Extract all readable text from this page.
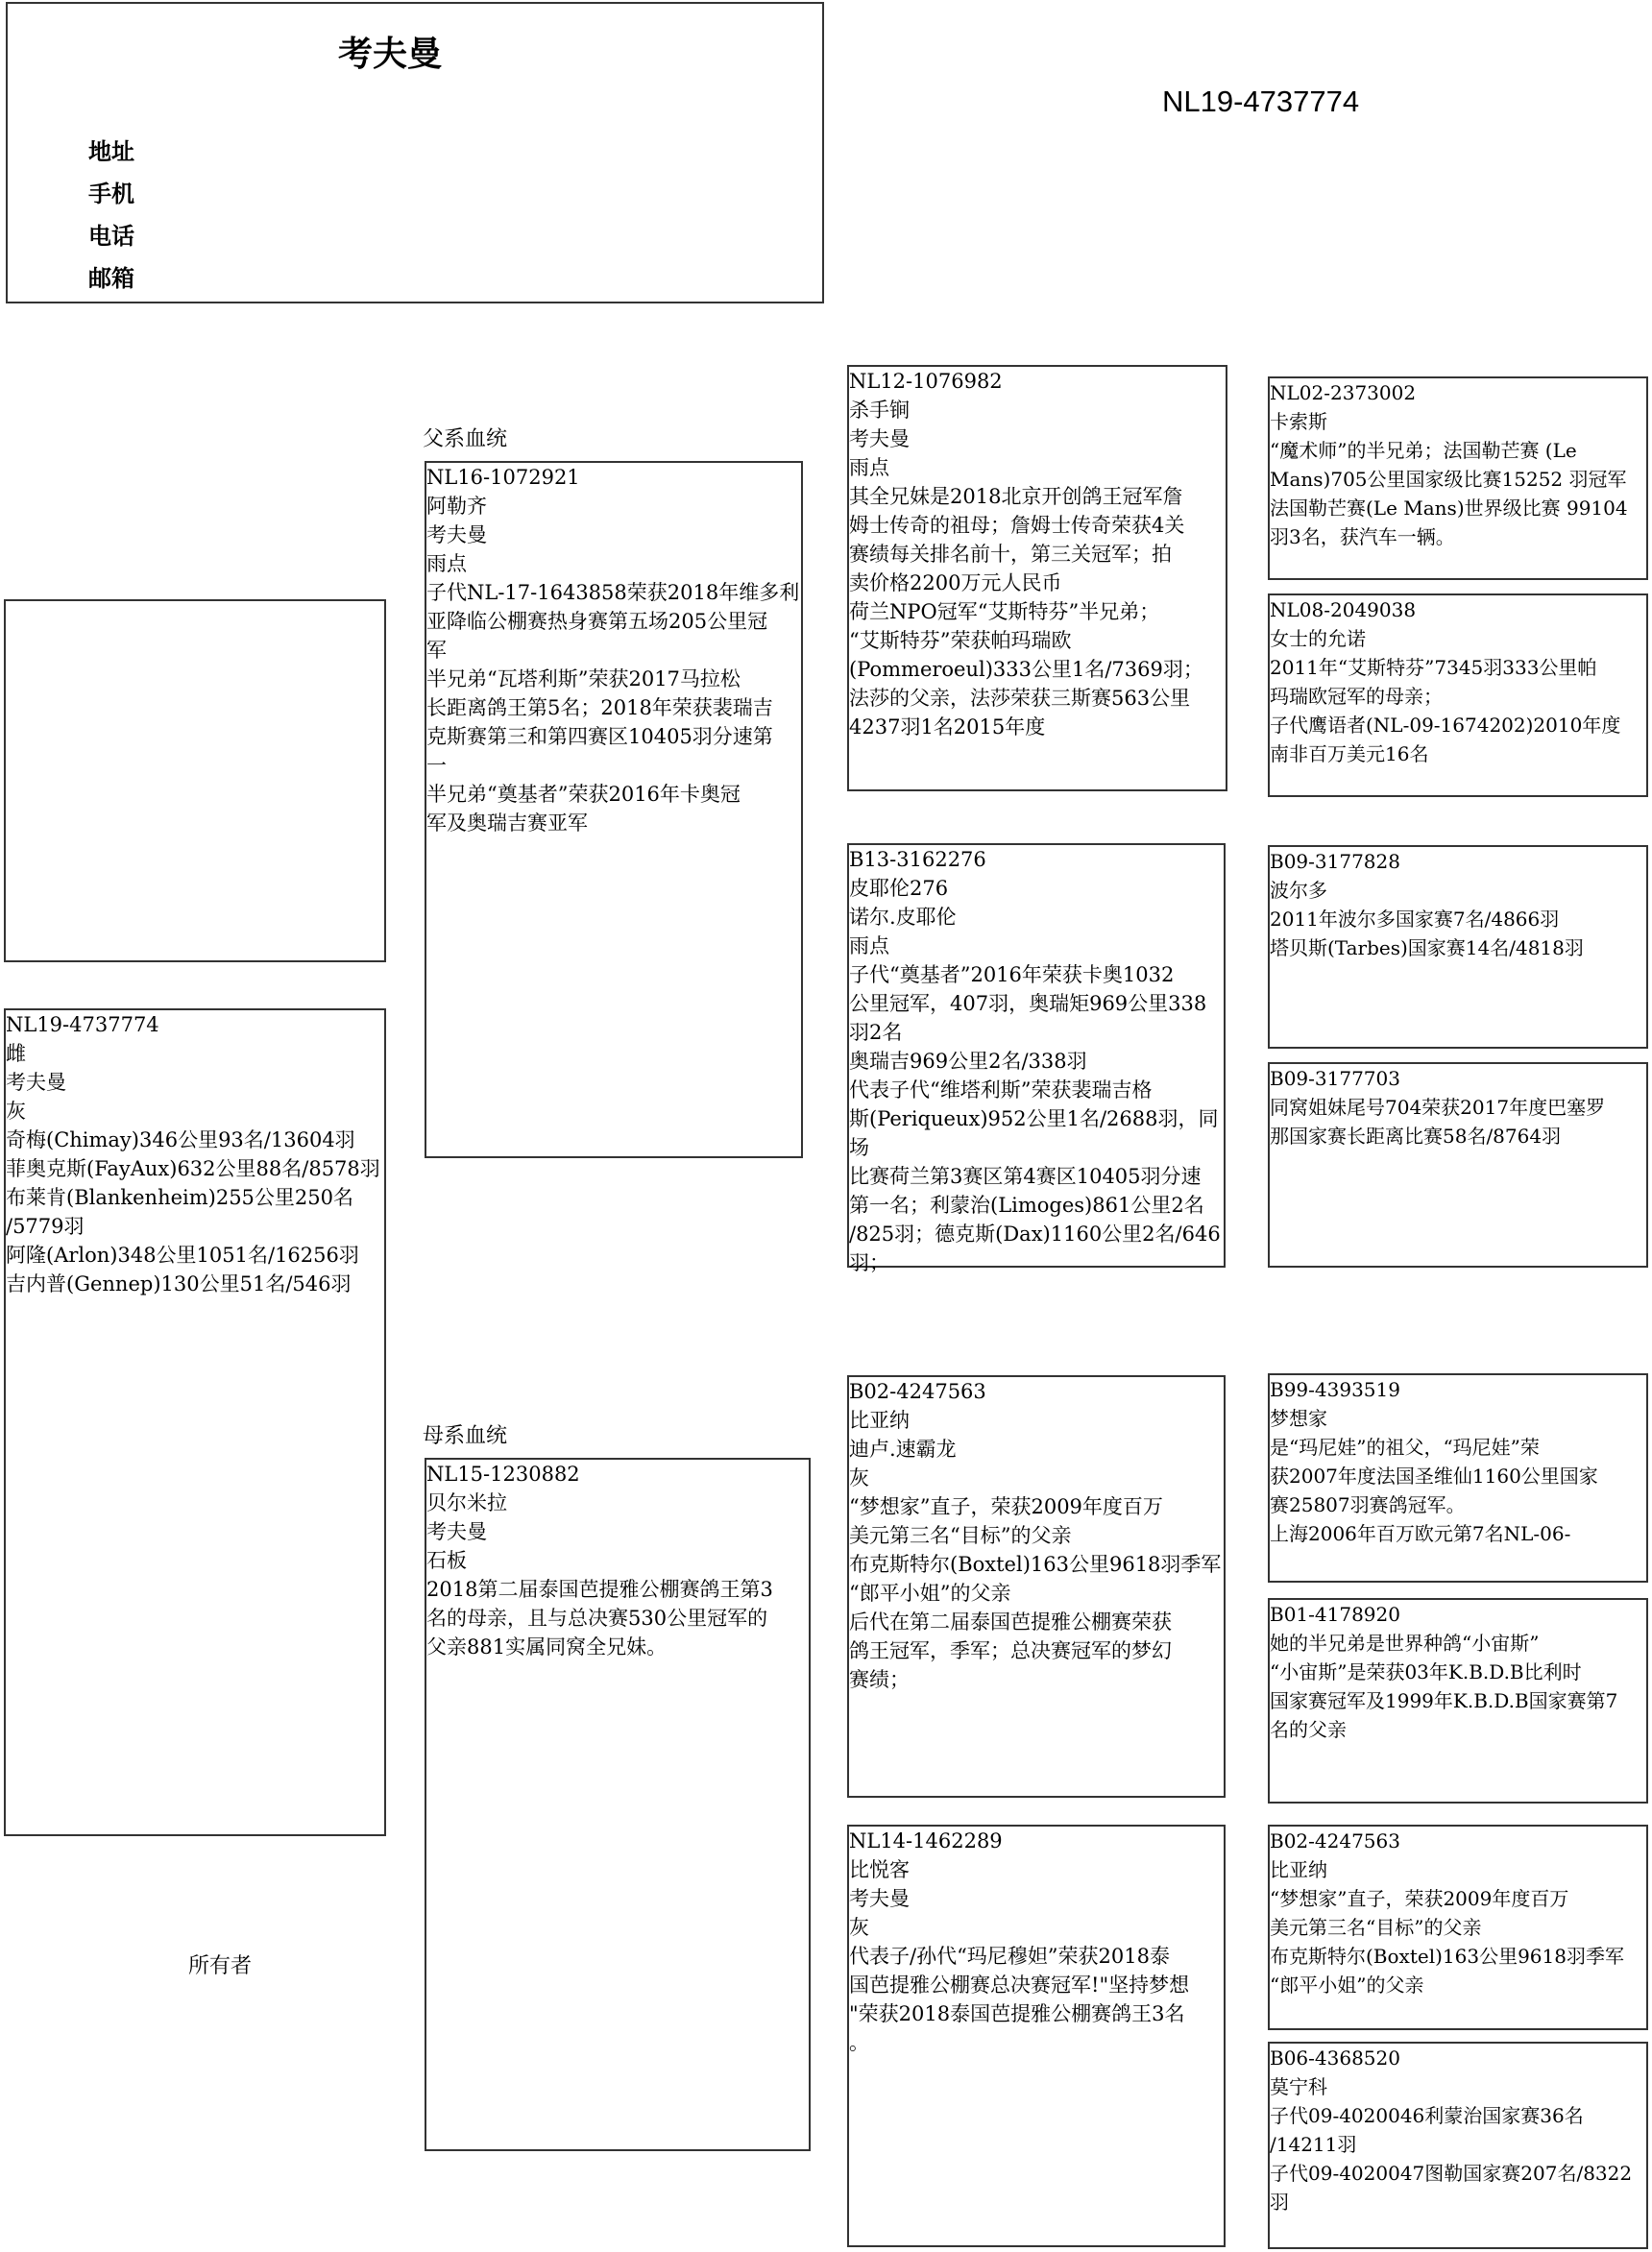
考夫曼
NL19-4737774
地址
手机
电话
邮箱
父系血统
母系血统
所有者
NL19-4737774
雌
考夫曼
灰
奇梅(Chimay)346公里93名/13604羽
菲奥克斯(FayAux)632公里88名/8578羽
布莱肯(Blankenheim)255公里250名
/5779羽
阿隆(Arlon)348公里1051名/16256羽
吉内普(Gennep)130公里51名/546羽
NL16-1072921
阿勒齐
考夫曼
雨点
子代NL-17-1643858荣获2018年维多利
亚降临公棚赛热身赛第五场205公里冠
军
半兄弟“瓦塔利斯”荣获2017马拉松
长距离鸽王第5名；2018年荣获裴瑞吉
克斯赛第三和第四赛区10405羽分速第
一
半兄弟“奠基者”荣获2016年卡奥冠
军及奥瑞吉赛亚军
NL15-1230882
贝尔米拉
考夫曼
石板
2018第二届泰国芭提雅公棚赛鸽王第3
名的母亲，且与总决赛530公里冠军的
父亲881实属同窝全兄妹。
NL12-1076982
杀手锏
考夫曼
雨点
其全兄妹是2018北京开创鸽王冠军詹
姆士传奇的祖母；詹姆士传奇荣获4关
赛绩每关排名前十，第三关冠军；拍
卖价格2200万元人民币
荷兰NPO冠军“艾斯特芬”半兄弟；
“艾斯特芬”荣获帕玛瑞欧
(Pommeroeul)333公里1名/7369羽；
法莎的父亲，法莎荣获三斯赛563公里
4237羽1名2015年度
B13-3162276
皮耶伦276
诺尔.皮耶伦
雨点
子代“奠基者”2016年荣获卡奥1032
公里冠军，407羽，奥瑞矩969公里338
羽2名
奥瑞吉969公里2名/338羽
代表子代“维塔利斯”荣获裴瑞吉格
斯(Periqueux)952公里1名/2688羽，同场
比赛荷兰第3赛区第4赛区10405羽分速
第一名；利蒙治(Limoges)861公里2名
/825羽；德克斯(Dax)1160公里2名/646
羽；
B02-4247563
比亚纳
迪卢.速霸龙
灰
“梦想家”直子，荣获2009年度百万
美元第三名“目标”的父亲
布克斯特尔(Boxtel)163公里9618羽季军
“郎平小姐”的父亲
后代在第二届泰国芭提雅公棚赛荣获
鸽王冠军，季军；总决赛冠军的梦幻
赛绩；
NL14-1462289
比悦客
考夫曼
灰
代表子/孙代“玛尼穆妲”荣获2018泰
国芭提雅公棚赛总决赛冠军!"坚持梦想
"荣获2018泰国芭提雅公棚赛鸽王3名
。
NL02-2373002
卡索斯
“魔术师”的半兄弟；法国勒芒赛 (Le
Mans)705公里国家级比赛15252 羽冠军
法国勒芒赛(Le Mans)世界级比赛 99104
羽3名，获汽车一辆。
NL08-2049038
女士的允诺
2011年“艾斯特芬”7345羽333公里帕
玛瑞欧冠军的母亲；
子代鹰语者(NL-09-1674202)2010年度
南非百万美元16名
B09-3177828
波尔多
2011年波尔多国家赛7名/4866羽
塔贝斯(Tarbes)国家赛14名/4818羽
B09-3177703
同窝姐妹尾号704荣获2017年度巴塞罗
那国家赛长距离比赛58名/8764羽
B99-4393519
梦想家
是“玛尼娃”的祖父，“玛尼娃”荣
获2007年度法国圣维仙1160公里国家
赛25807羽赛鸽冠军。
上海2006年百万欧元第7名NL-06-
B01-4178920
她的半兄弟是世界种鸽“小宙斯”
“小宙斯”是荣获03年K.B.D.B比利时
国家赛冠军及1999年K.B.D.B国家赛第7
名的父亲
B02-4247563
比亚纳
“梦想家”直子，荣获2009年度百万
美元第三名“目标”的父亲
布克斯特尔(Boxtel)163公里9618羽季军
“郎平小姐”的父亲
B06-4368520
莫宁科
子代09-4020046利蒙治国家赛36名
/14211羽
子代09-4020047图勒国家赛207名/8322
羽
